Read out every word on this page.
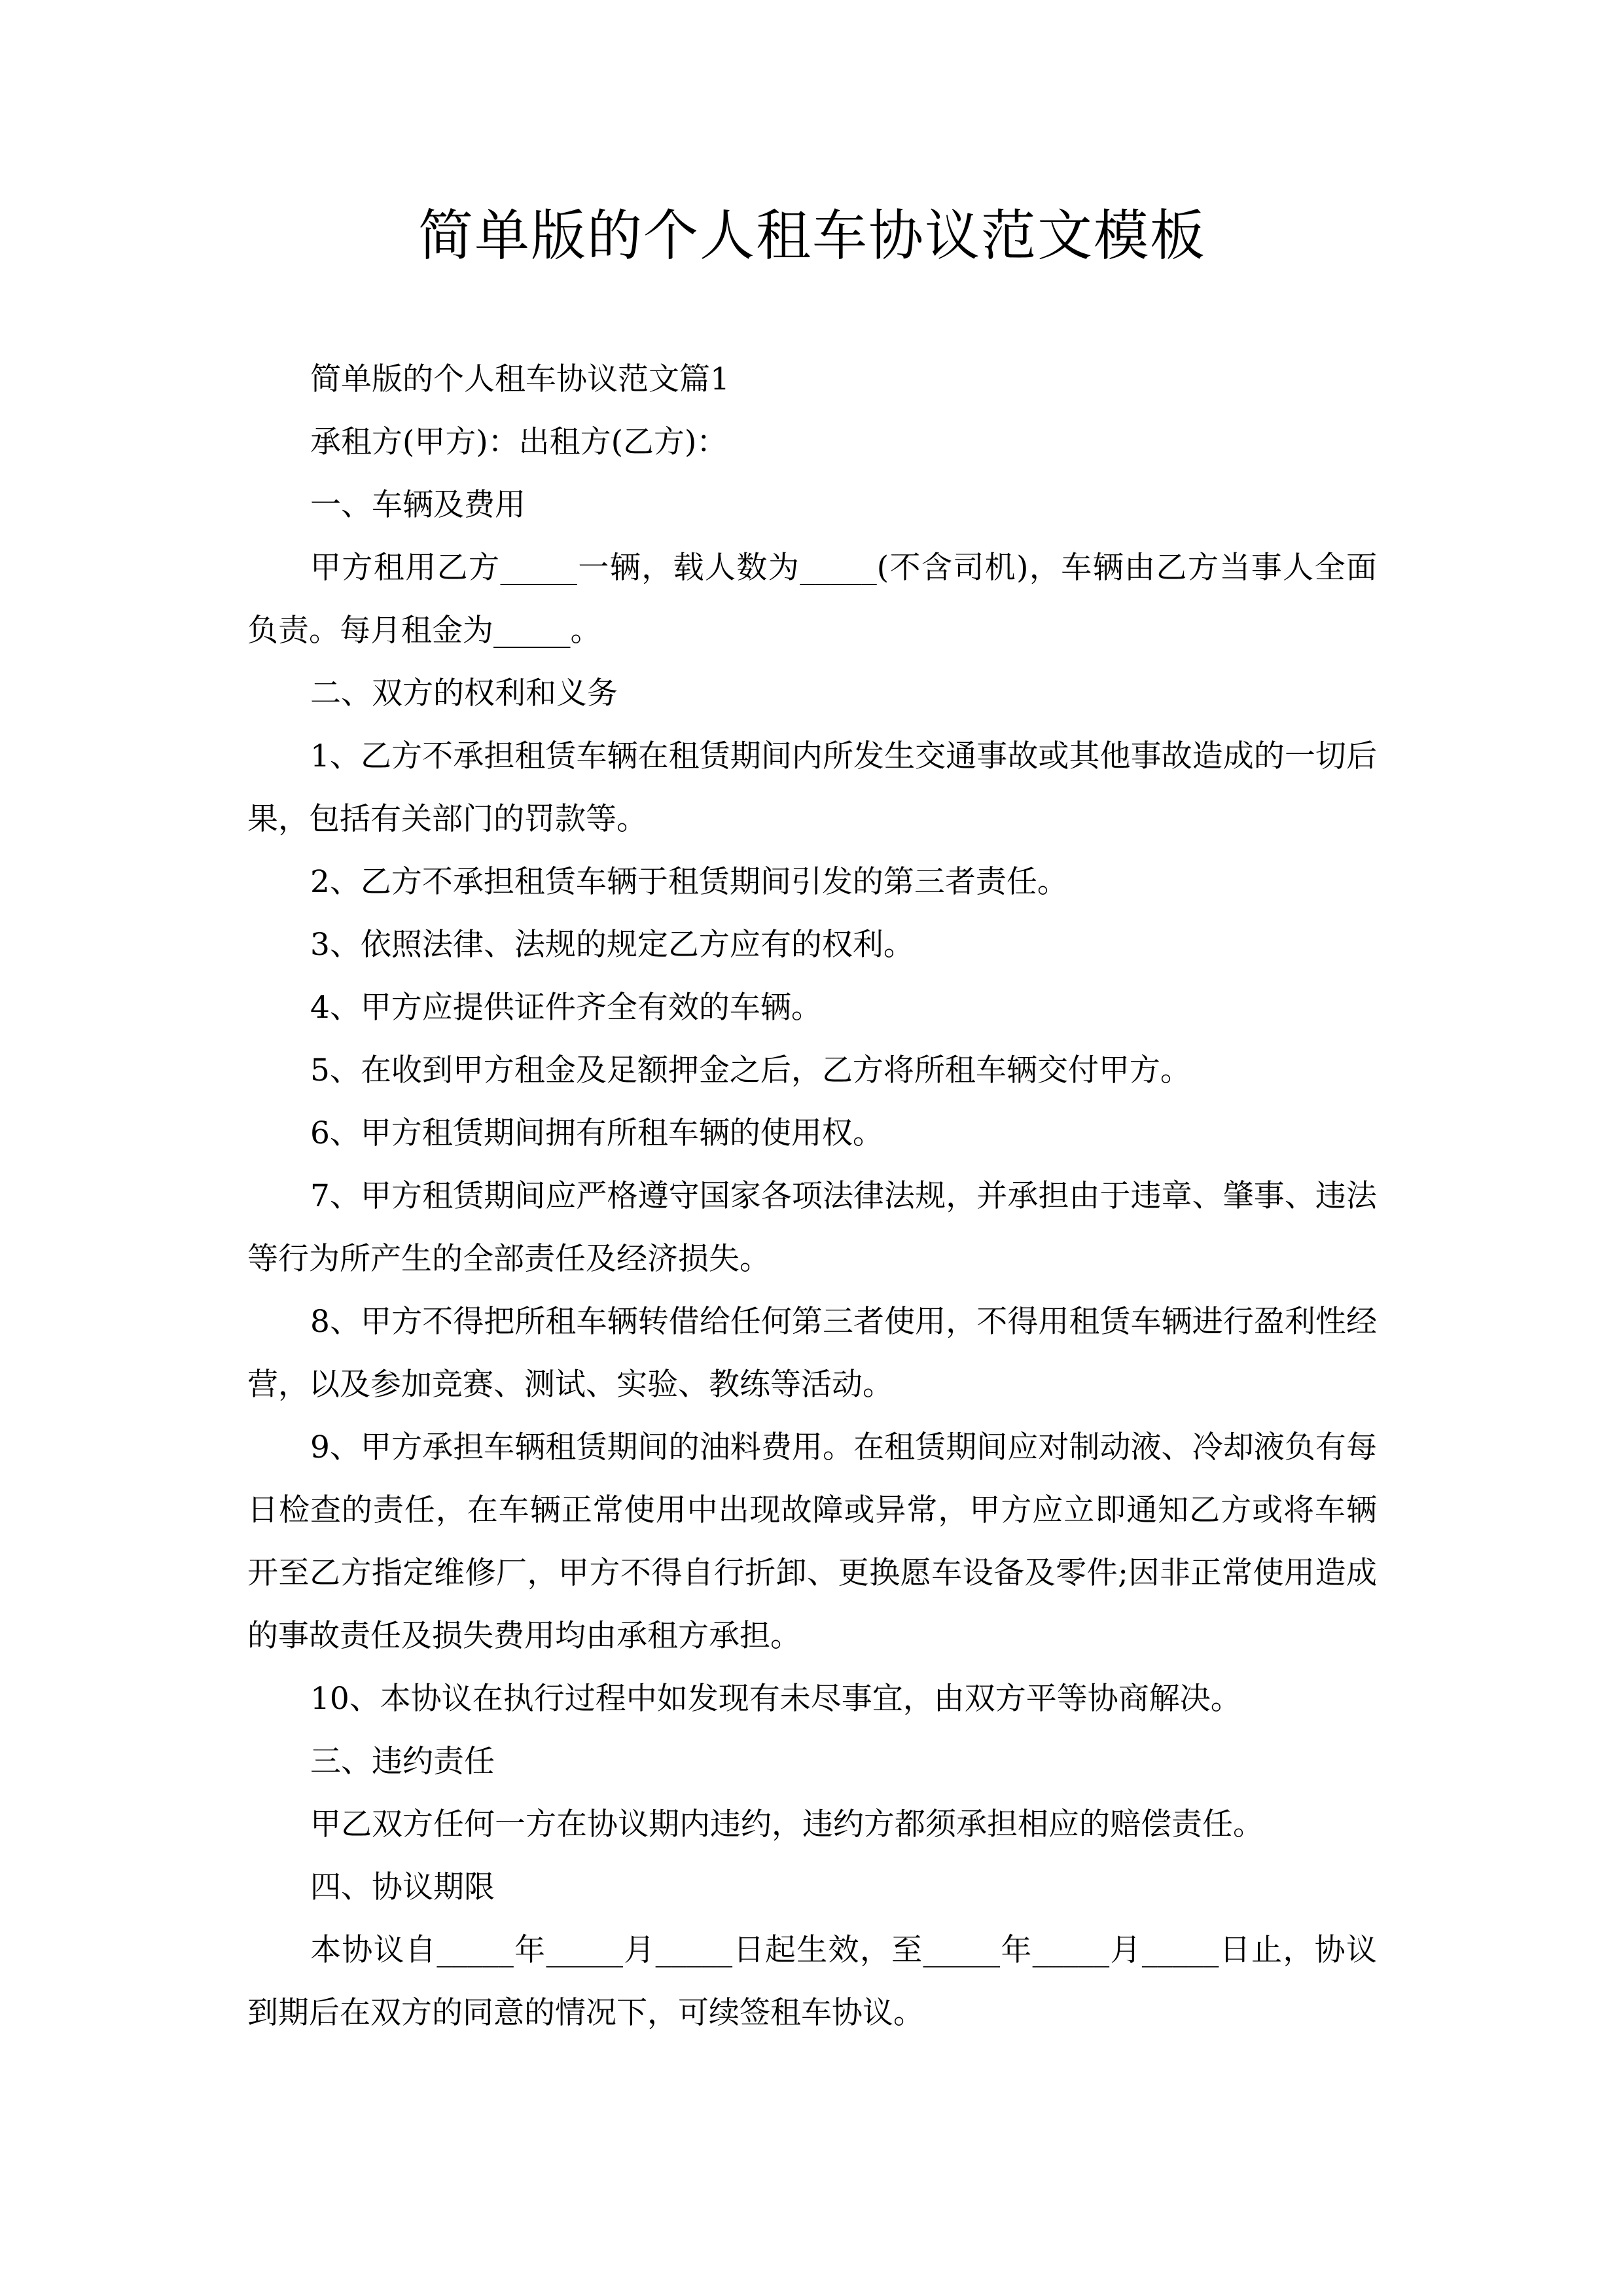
简单版的个人租车协议范文模板

简单版的个人租车协议范文篇1

承租方(甲方)：出租方(乙方)：

一、车辆及费用

甲方租用乙方_____一辆，载人数为_____(不含司机)，车辆由乙方当事人全面负责。每月租金为_____。

二、双方的权利和义务

1、乙方不承担租赁车辆在租赁期间内所发生交通事故或其他事故造成的一切后果，包括有关部门的罚款等。

2、乙方不承担租赁车辆于租赁期间引发的第三者责任。

3、依照法律、法规的规定乙方应有的权利。

4、甲方应提供证件齐全有效的车辆。

5、在收到甲方租金及足额押金之后，乙方将所租车辆交付甲方。

6、甲方租赁期间拥有所租车辆的使用权。

7、甲方租赁期间应严格遵守国家各项法律法规，并承担由于违章、肇事、违法等行为所产生的全部责任及经济损失。

8、甲方不得把所租车辆转借给任何第三者使用，不得用租赁车辆进行盈利性经营，以及参加竞赛、测试、实验、教练等活动。

9、甲方承担车辆租赁期间的油料费用。在租赁期间应对制动液、冷却液负有每日检查的责任，在车辆正常使用中出现故障或异常，甲方应立即通知乙方或将车辆开至乙方指定维修厂，甲方不得自行折卸、更换愿车设备及零件;因非正常使用造成的事故责任及损失费用均由承租方承担。

10、本协议在执行过程中如发现有未尽事宜，由双方平等协商解决。

三、违约责任

甲乙双方任何一方在协议期内违约，违约方都须承担相应的赔偿责任。

四、协议期限

本协议自_____年_____月_____日起生效，至_____年_____月_____日止，协议到期后在双方的同意的情况下，可续签租车协议。
